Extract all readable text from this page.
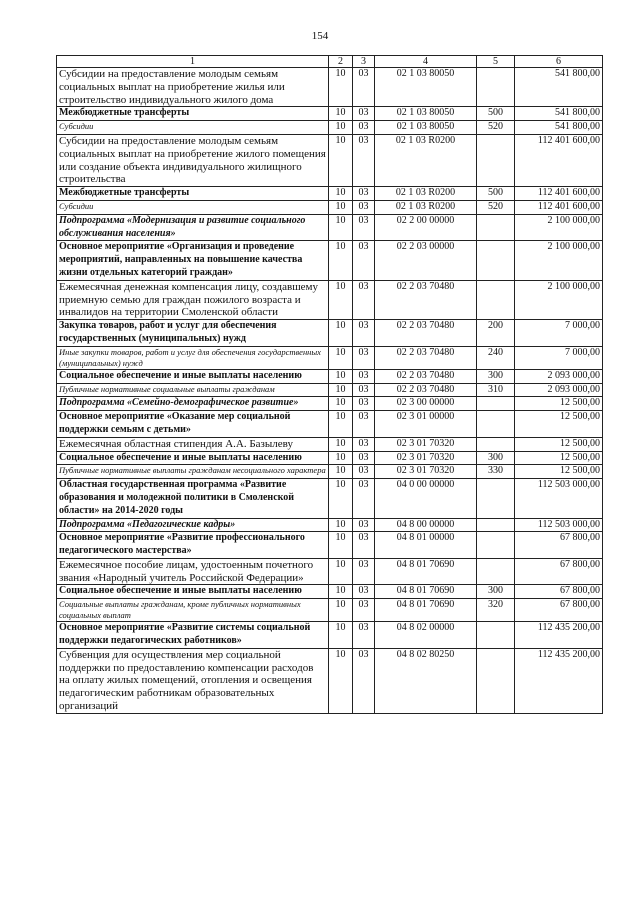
154
1	2	3	4	5	6
Субсидии на предоставление молодым семьям социальных выплат на приобретение жилья или строительство индивидуального жилого дома	10	03	02 1 03 80050		541 800,00
Межбюджетные трансферты	10	03	02 1 03 80050	500	541 800,00
Субсидии	10	03	02 1 03 80050	520	541 800,00
Субсидии на предоставление молодым семьям социальных выплат на приобретение жилого помещения или создание объекта индивидуального жилищного строительства	10	03	02 1 03 R0200		112 401 600,00
Межбюджетные трансферты	10	03	02 1 03 R0200	500	112 401 600,00
Субсидии	10	03	02 1 03 R0200	520	112 401 600,00
Подпрограмма «Модернизация и развитие социального обслуживания населения»	10	03	02 2 00 00000		2 100 000,00
Основное мероприятие «Организация и проведение мероприятий, направленных на повышение качества жизни отдельных категорий граждан»	10	03	02 2 03 00000		2 100 000,00
Ежемесячная денежная компенсация лицу, создавшему приемную семью для граждан пожилого возраста и инвалидов на территории Смоленской области	10	03	02 2 03 70480		2 100 000,00
Закупка товаров, работ и услуг для обеспечения государственных (муниципальных) нужд	10	03	02 2 03 70480	200	7 000,00
Иные закупки товаров, работ и услуг для обеспечения государственных (муниципальных) нужд	10	03	02 2 03 70480	240	7 000,00
Социальное обеспечение и иные выплаты населению	10	03	02 2 03 70480	300	2 093 000,00
Публичные нормативные социальные выплаты гражданам	10	03	02 2 03 70480	310	2 093 000,00
Подпрограмма «Семейно-демографическое развитие»	10	03	02 3 00 00000		12 500,00
Основное мероприятие «Оказание мер социальной поддержки семьям с детьми»	10	03	02 3 01 00000		12 500,00
Ежемесячная областная стипендия А.А. Базылеву	10	03	02 3 01 70320		12 500,00
Социальное обеспечение и иные выплаты населению	10	03	02 3 01 70320	300	12 500,00
Публичные нормативные выплаты гражданам несоциального характера	10	03	02 3 01 70320	330	12 500,00
Областная государственная программа «Развитие образования и молодежной политики в Смоленской области» на 2014-2020 годы	10	03	04 0 00 00000		112 503 000,00
Подпрограмма «Педагогические кадры»	10	03	04 8 00 00000		112 503 000,00
Основное мероприятие «Развитие профессионального педагогического мастерства»	10	03	04 8 01 00000		67 800,00
Ежемесячное пособие лицам, удостоенным почетного звания «Народный учитель Российской Федерации»	10	03	04 8 01 70690		67 800,00
Социальное обеспечение и иные выплаты населению	10	03	04 8 01 70690	300	67 800,00
Социальные выплаты гражданам, кроме публичных нормативных социальных выплат	10	03	04 8 01 70690	320	67 800,00
Основное мероприятие «Развитие системы социальной поддержки педагогических работников»	10	03	04 8 02 00000		112 435 200,00
Субвенция для осуществления мер социальной поддержки по предоставлению компенсации расходов на оплату жилых помещений, отопления и освещения педагогическим работникам образовательных организаций	10	03	04 8 02 80250		112 435 200,00
